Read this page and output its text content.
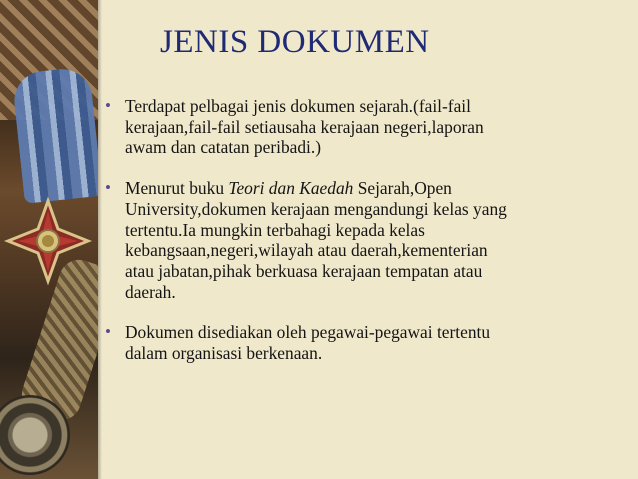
JENIS DOKUMEN
• Terdapat pelbagai jenis dokumen sejarah.(fail-fail
kerajaan,fail-fail setiausaha kerajaan negeri,laporan
awam dan catatan peribadi.)
• Menurut buku Teori dan Kaedah Sejarah,Open
University,dokumen kerajaan mengandungi kelas yang
tertentu.Ia mungkin terbahagi kepada kelas
kebangsaan,negeri,wilayah atau daerah,kementerian
atau jabatan,pihak berkuasa kerajaan tempatan atau
daerah.
• Dokumen disediakan oleh pegawai-pegawai tertentu
dalam organisasi berkenaan.
